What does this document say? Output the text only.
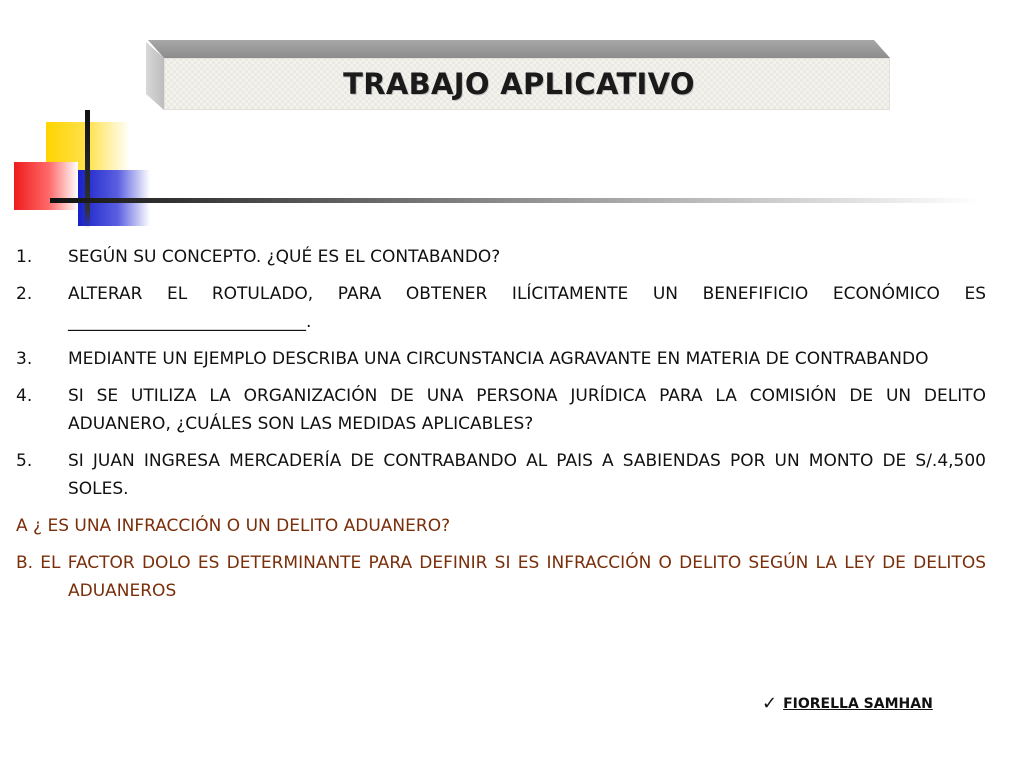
TRABAJO APLICATIVO
1.	SEGÚN SU CONCEPTO. ¿QUÉ ES EL CONTABANDO?
2.	ALTERAR EL ROTULADO, PARA OBTENER ILÍCITAMENTE UN BENEFIFICIO ECONÓMICO ES ____________________________.
3.	MEDIANTE UN EJEMPLO DESCRIBA UNA CIRCUNSTANCIA AGRAVANTE EN MATERIA DE CONTRABANDO
4.	SI SE UTILIZA LA ORGANIZACIÓN DE UNA PERSONA JURÍDICA PARA LA COMISIÓN DE UN DELITO ADUANERO, ¿CUÁLES SON LAS MEDIDAS APLICABLES?
5.	SI JUAN INGRESA MERCADERÍA DE CONTRABANDO AL PAIS A SABIENDAS POR UN MONTO DE S/.4,500 SOLES.
A ¿ ES UNA INFRACCIÓN O UN DELITO ADUANERO?
B. EL FACTOR DOLO ES DETERMINANTE PARA DEFINIR SI ES INFRACCIÓN O DELITO SEGÚN LA LEY DE DELITOS ADUANEROS
✓ FIORELLA SAMHAN
